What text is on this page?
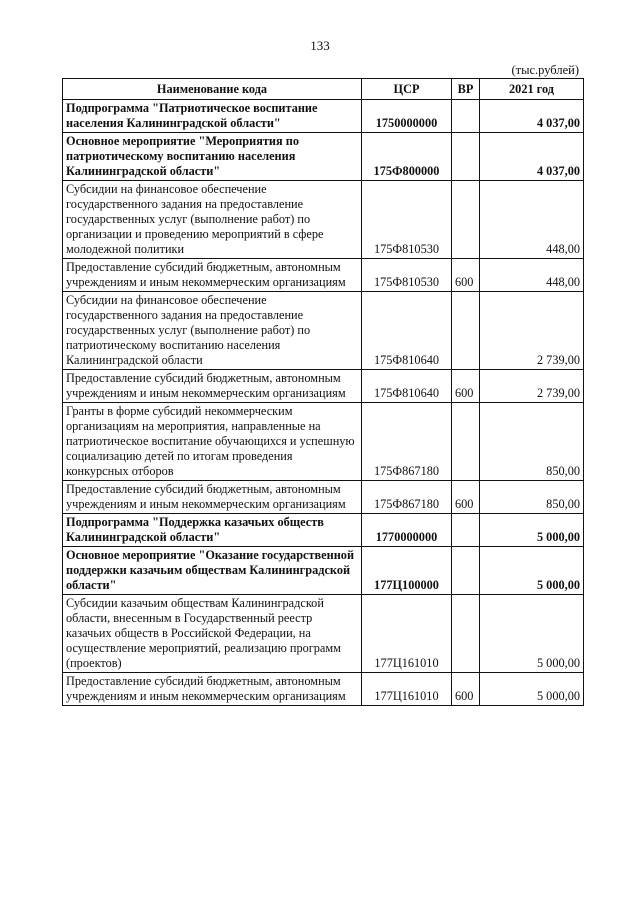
133
(тыс.рублей)
Наименование кода	ЦСР	ВР	2021 год
Подпрограмма "Патриотическое воспитание населения Калининградской области"	1750000000		4 037,00
Основное мероприятие "Мероприятия по патриотическому воспитанию населения Калининградской области"	175Ф800000		4 037,00
Субсидии на финансовое обеспечение государственного задания на предоставление государственных услуг (выполнение работ) по организации и проведению мероприятий в сфере молодежной политики	175Ф810530		448,00
Предоставление субсидий бюджетным, автономным учреждениям и иным некоммерческим организациям	175Ф810530	600	448,00
Субсидии на финансовое обеспечение государственного задания на предоставление государственных услуг (выполнение работ) по патриотическому воспитанию населения Калининградской области	175Ф810640		2 739,00
Предоставление субсидий бюджетным, автономным учреждениям и иным некоммерческим организациям	175Ф810640	600	2 739,00
Гранты в форме субсидий некоммерческим организациям на мероприятия, направленные на патриотическое воспитание обучающихся и успешную социализацию детей по итогам проведения конкурсных отборов	175Ф867180		850,00
Предоставление субсидий бюджетным, автономным учреждениям и иным некоммерческим организациям	175Ф867180	600	850,00
Подпрограмма "Поддержка казачьих обществ Калининградской области"	1770000000		5 000,00
Основное мероприятие "Оказание государственной поддержки казачьим обществам Калининградской области"	177Ц100000		5 000,00
Субсидии казачьим обществам Калининградской области, внесенным в Государственный реестр казачьих обществ в Российской Федерации, на осуществление мероприятий, реализацию программ (проектов)	177Ц161010		5 000,00
Предоставление субсидий бюджетным, автономным учреждениям и иным некоммерческим организациям	177Ц161010	600	5 000,00
